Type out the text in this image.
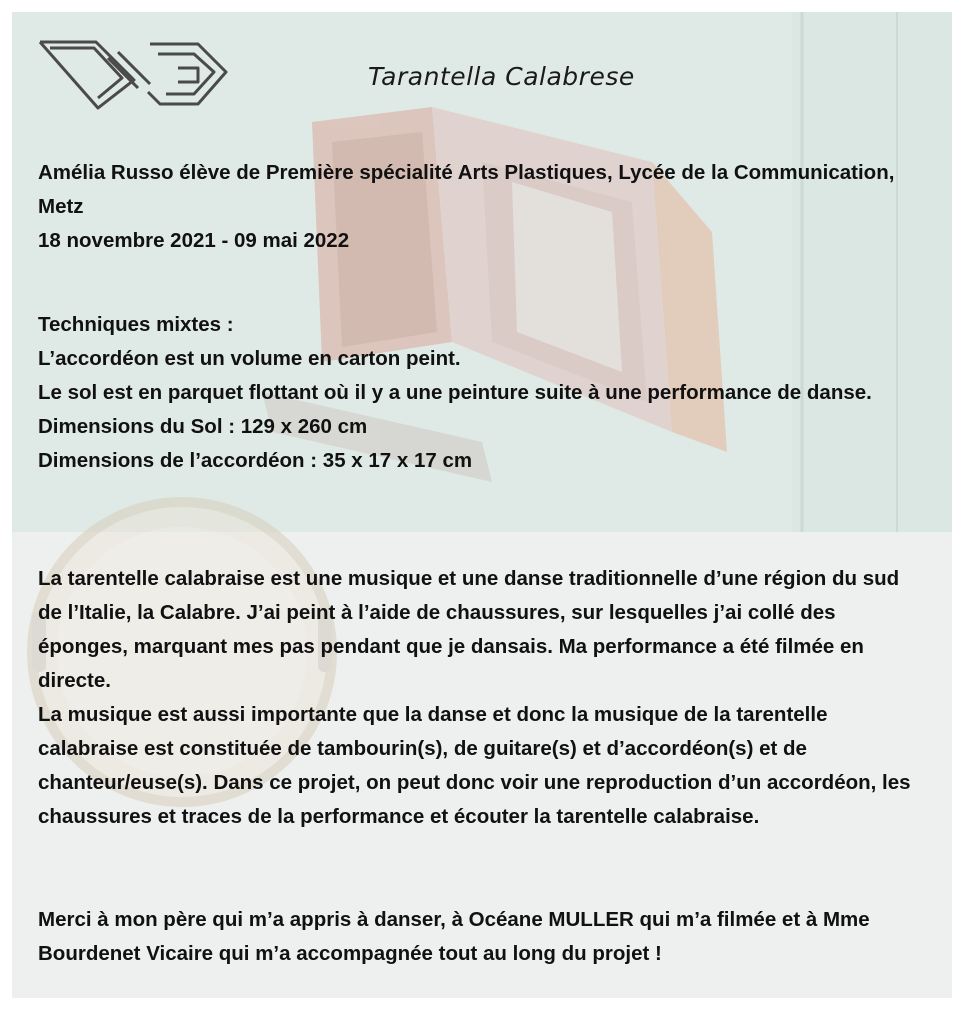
Tarantella Calabrese

Amélia Russo élève de Première spécialité Arts Plastiques, Lycée de la Communication, Metz

18 novembre 2021 - 09 mai 2022

Techniques mixtes :

L’accordéon est un volume en carton peint.

Le sol est en parquet flottant où il y a une peinture suite à une performance de danse.

Dimensions du Sol : 129 x 260 cm

Dimensions de l’accordéon : 35 x 17 x 17 cm

La tarentelle calabraise est une musique et une danse traditionnelle d’une région du sud de l’Italie, la Calabre. J’ai peint à l’aide de chaussures, sur lesquelles j’ai collé des éponges, marquant mes pas pendant que je dansais. Ma performance a été filmée en directe.

La musique est aussi importante que la danse et donc la musique de la tarentelle calabraise est constituée de tambourin(s), de guitare(s) et d’accordéon(s) et de chanteur/euse(s). Dans ce projet, on peut donc voir une reproduction d’un accordéon, les chaussures et traces de la performance et écouter la tarentelle calabraise.

Merci à mon père qui m’a appris à danser, à Océane MULLER qui m’a filmée et à Mme Bourdenet Vicaire qui m’a accompagnée tout au long du projet !
